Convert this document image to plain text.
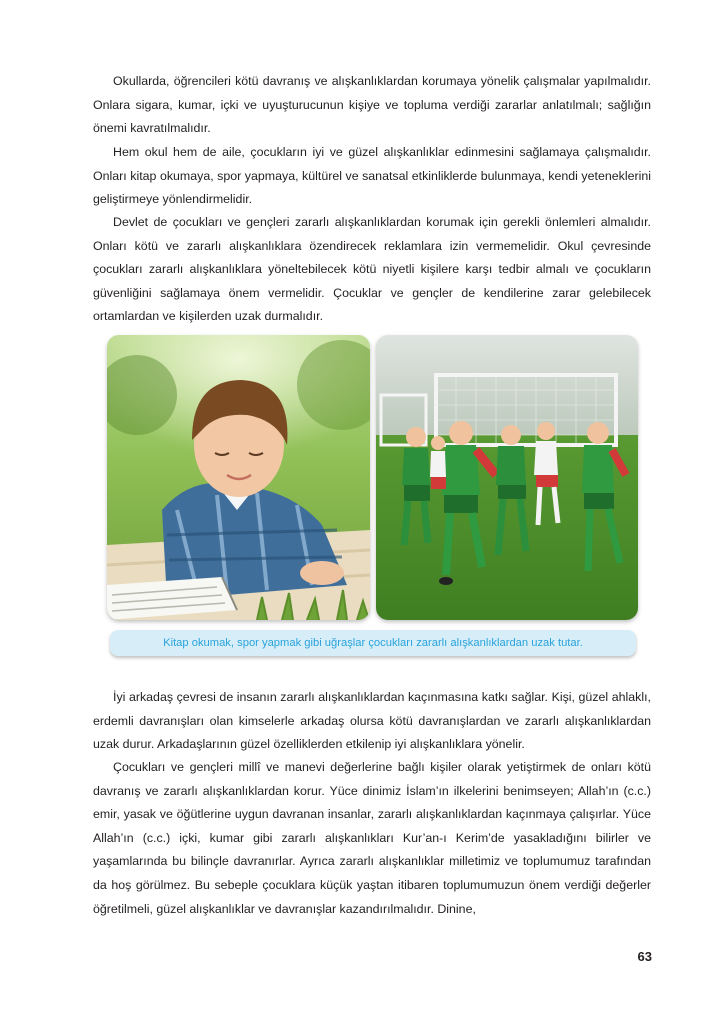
Okullarda, öğrencileri kötü davranış ve alışkanlıklardan korumaya yönelik çalışmalar yapılmalıdır. Onlara sigara, kumar, içki ve uyuşturucunun kişiye ve topluma verdiği zararlar anlatılmalı; sağlığın önemi kavratılmalıdır.

Hem okul hem de aile, çocukların iyi ve güzel alışkanlıklar edinmesini sağlamaya çalışmalıdır. Onları kitap okumaya, spor yapmaya, kültürel ve sanatsal etkinliklerde bulunmaya, kendi yeteneklerini geliştirmeye yönlendirmelidir.

Devlet de çocukları ve gençleri zararlı alışkanlıklardan korumak için gerekli önlemleri almalıdır. Onları kötü ve zararlı alışkanlıklara özendirecek reklamlara izin vermemelidir. Okul çevresinde çocukları zararlı alışkanlıklara yöneltebilecek kötü niyetli kişilere karşı tedbir almalı ve çocukların güvenliğini sağlamaya önem vermelidir. Çocuklar ve gençler de kendilerine zarar gelebilecek ortamlardan ve kişilerden uzak durmalıdır.

Kitap okumak, spor yapmak gibi uğraşlar çocukları zararlı alışkanlıklardan uzak tutar.

İyi arkadaş çevresi de insanın zararlı alışkanlıklardan kaçınmasına katkı sağlar. Kişi, güzel ahlaklı, erdemli davranışları olan kimselerle arkadaş olursa kötü davranışlardan ve zararlı alışkanlıklardan uzak durur. Arkadaşlarının güzel özelliklerden etkilenip iyi alışkanlıklara yönelir.

Çocukları ve gençleri millî ve manevi değerlerine bağlı kişiler olarak yetiştirmek de onları kötü davranış ve zararlı alışkanlıklardan korur. Yüce dinimiz İslam’ın ilkelerini benimseyen; Allah’ın (c.c.) emir, yasak ve öğütlerine uygun davranan insanlar, zararlı alışkanlıklardan kaçınmaya çalışırlar. Yüce Allah’ın (c.c.) içki, kumar gibi zararlı alışkanlıkları Kur’an-ı Kerim’de yasakladığını bilirler ve yaşamlarında bu bilinçle davranırlar. Ayrıca zararlı alışkanlıklar milletimiz ve toplumumuz tarafından da hoş görülmez. Bu sebeple çocuklara küçük yaştan itibaren toplumumuzun önem verdiği değerler öğretilmeli, güzel alışkanlıklar ve davranışlar kazandırılmalıdır. Dinine,

63
